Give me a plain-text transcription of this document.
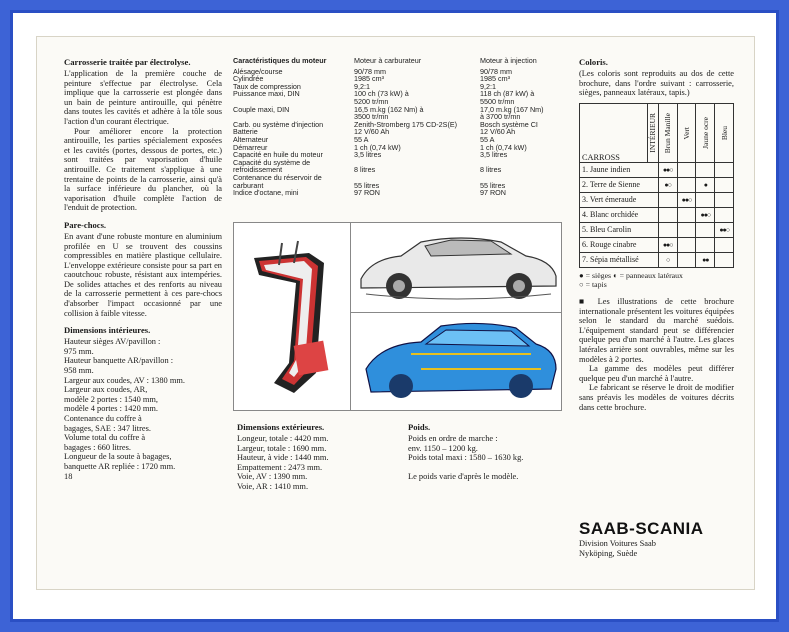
Carrosserie traitée par électrolyse.

L'application de la première couche de peinture s'effectue par électrolyse. Cela implique que la carrosserie est plongée dans un bain de peinture antirouille, qui pénètre dans toutes les cavités et adhère à la tôle sous l'action d'un courant électrique.

Pour améliorer encore la protection antirouille, les parties spécialement exposées et les cavités (portes, dessous de portes, etc.) sont traitées par vaporisation d'huile antirouille. Ce traitement s'applique à une trentaine de points de la carrosserie, ainsi qu'à la surface inférieure du plancher, où la vaporisation d'huile complète l'action de l'enduit de protection.

Pare-chocs.

En avant d'une robuste monture en aluminium profilée en U se trouvent des coussins compressibles en matière plastique cellulaire. L'enveloppe extérieure consiste pour sa part en caoutchouc robuste, résistant aux intempéries. De solides attaches et des renforts au niveau de la carrosserie permettent à ces pare-chocs d'absorber l'impact occasionné par une collision à faible vitesse.

Dimensions intérieures.

Hauteur sièges AV/pavillon :

975 mm.

Hauteur banquette AR/pavillon :

958 mm.

Largeur aux coudes, AV : 1380 mm.

Largeur aux coudes, AR,

modèle 2 portes : 1540 mm,

modèle 4 portes : 1420 mm.

Contenance du coffre à

bagages, SAE : 347 litres.

Volume total du coffre à

bagages : 660 litres.

Longueur de la soute à bagages,

banquette AR repliée : 1720 mm.

18
Caractéristiques du moteur	Moteur à carburateur	Moteur à injection
Alésage/course	90/78 mm	90/78 mm
Cylindrée	1985 cm³	1985 cm³
Taux de compression	9,2:1	9,2:1
Puissance maxi, DIN	100 ch (73 kW) à	118 ch (87 kW) à
5200 tr/mn	5500 tr/mn
Couple maxi, DIN	16,5 m.kg (162 Nm) à	17,0 m.kg (167 Nm)
3500 tr/mn	à 3700 tr/mn
Carb. ou système d'injection	Zenith-Stromberg 175 CD-2S(E)	Bosch système CI
Batterie	12 V/60 Ah	12 V/60 Ah
Alternateur	55 A	55 A
Démarreur	1 ch (0,74 kW)	1 ch (0,74 kW)
Capacité en huile du moteur	3,5 litres	3,5 litres
Capacité du système de
refroidissement	8 litres	8 litres
Contenance du réservoir de
carburant	55 litres	55 litres
Indice d'octane, mini	97 RON	97 RON
Dimensions extérieures.

Longeur, totale : 4420 mm.

Largeur, totale : 1690 mm.

Hauteur, à vide : 1440 mm.

Empattement : 2473 mm.

Voie, AV : 1390 mm.

Voie, AR : 1410 mm.

Poids.

Poids en ordre de marche :

env. 1150 – 1200 kg.

Poids total maxi : 1580 – 1630 kg.

Le poids varie d'après le modèle.

Coloris.

(Les coloris sont reproduits au dos de cette brochure, dans l'ordre suivant : carrosserie, sièges, panneaux latéraux, tapis.)

CARROSS	INTÉRIEUR	Brun Manille	Vert	Jaune ocre	Bleu

1. Jaune indien		●●○			
2. Terre de Sienne		●○		●	
3. Vert émeraude			●●○		
4. Blanc orchidée				●●○	
5. Bleu Carolin					●●○
6. Rouge cinabre		●●○			
7. Sépia métallisé		○		●●	

● = sièges ◐ = panneaux latéraux

○ = tapis

■ Les illustrations de cette brochure internationale présentent les voitures équipées selon le standard du marché suédois. L'équipement standard peut se différencier quelque peu d'un marché à l'autre. Les glaces latérales arrière sont ouvrables, même sur les modèles à 2 portes.

La gamme des modèles peut différer quelque peu d'un marché à l'autre.

Le fabricant se réserve le droit de modifier sans préavis les modèles de voitures décrits dans cette brochure.

SAAB-SCANIA
Division Voitures Saab
Nyköping, Suède
